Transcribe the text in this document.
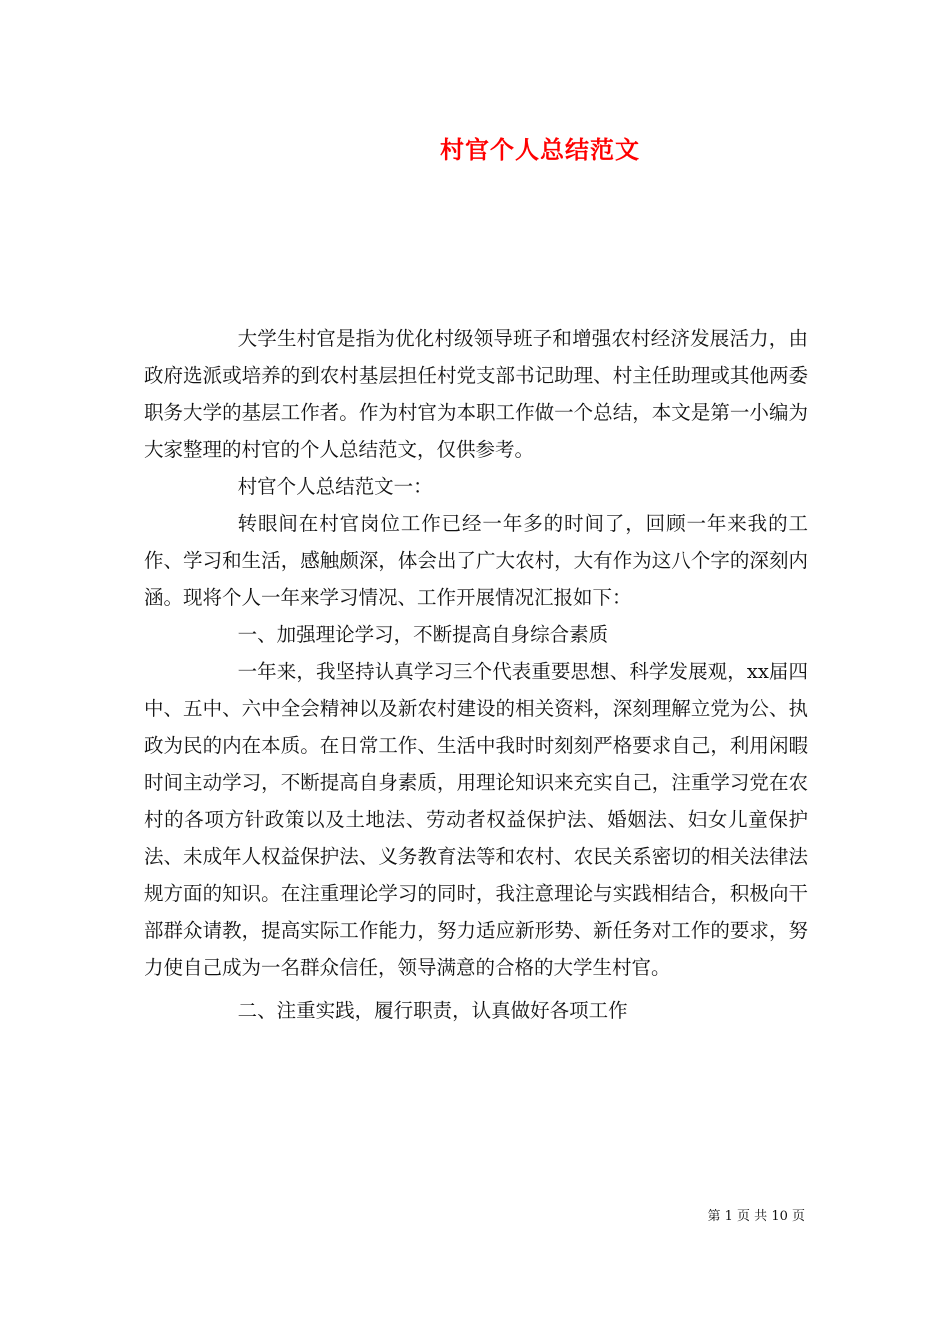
村官个人总结范文

大学生村官是指为优化村级领导班子和增强农村经济发展活力，由政府选派或培养的到农村基层担任村党支部书记助理、村主任助理或其他两委职务大学的基层工作者。作为村官为本职工作做一个总结，本文是第一小编为大家整理的村官的个人总结范文，仅供参考。

村官个人总结范文一：

转眼间在村官岗位工作已经一年多的时间了，回顾一年来我的工作、学习和生活，感触颇深，体会出了广大农村，大有作为这八个字的深刻内涵。现将个人一年来学习情况、工作开展情况汇报如下：

一、加强理论学习，不断提高自身综合素质

一年来，我坚持认真学习三个代表重要思想、科学发展观，xx届四中、五中、六中全会精神以及新农村建设的相关资料，深刻理解立党为公、执政为民的内在本质。在日常工作、生活中我时时刻刻严格要求自己，利用闲暇时间主动学习，不断提高自身素质，用理论知识来充实自己，注重学习党在农村的各项方针政策以及土地法、劳动者权益保护法、婚姻法、妇女儿童保护法、未成年人权益保护法、义务教育法等和农村、农民关系密切的相关法律法规方面的知识。在注重理论学习的同时，我注意理论与实践相结合，积极向干部群众请教，提高实际工作能力，努力适应新形势、新任务对工作的要求，努力使自己成为一名群众信任，领导满意的合格的大学生村官。

二、注重实践，履行职责，认真做好各项工作

第 1 页 共 10 页
